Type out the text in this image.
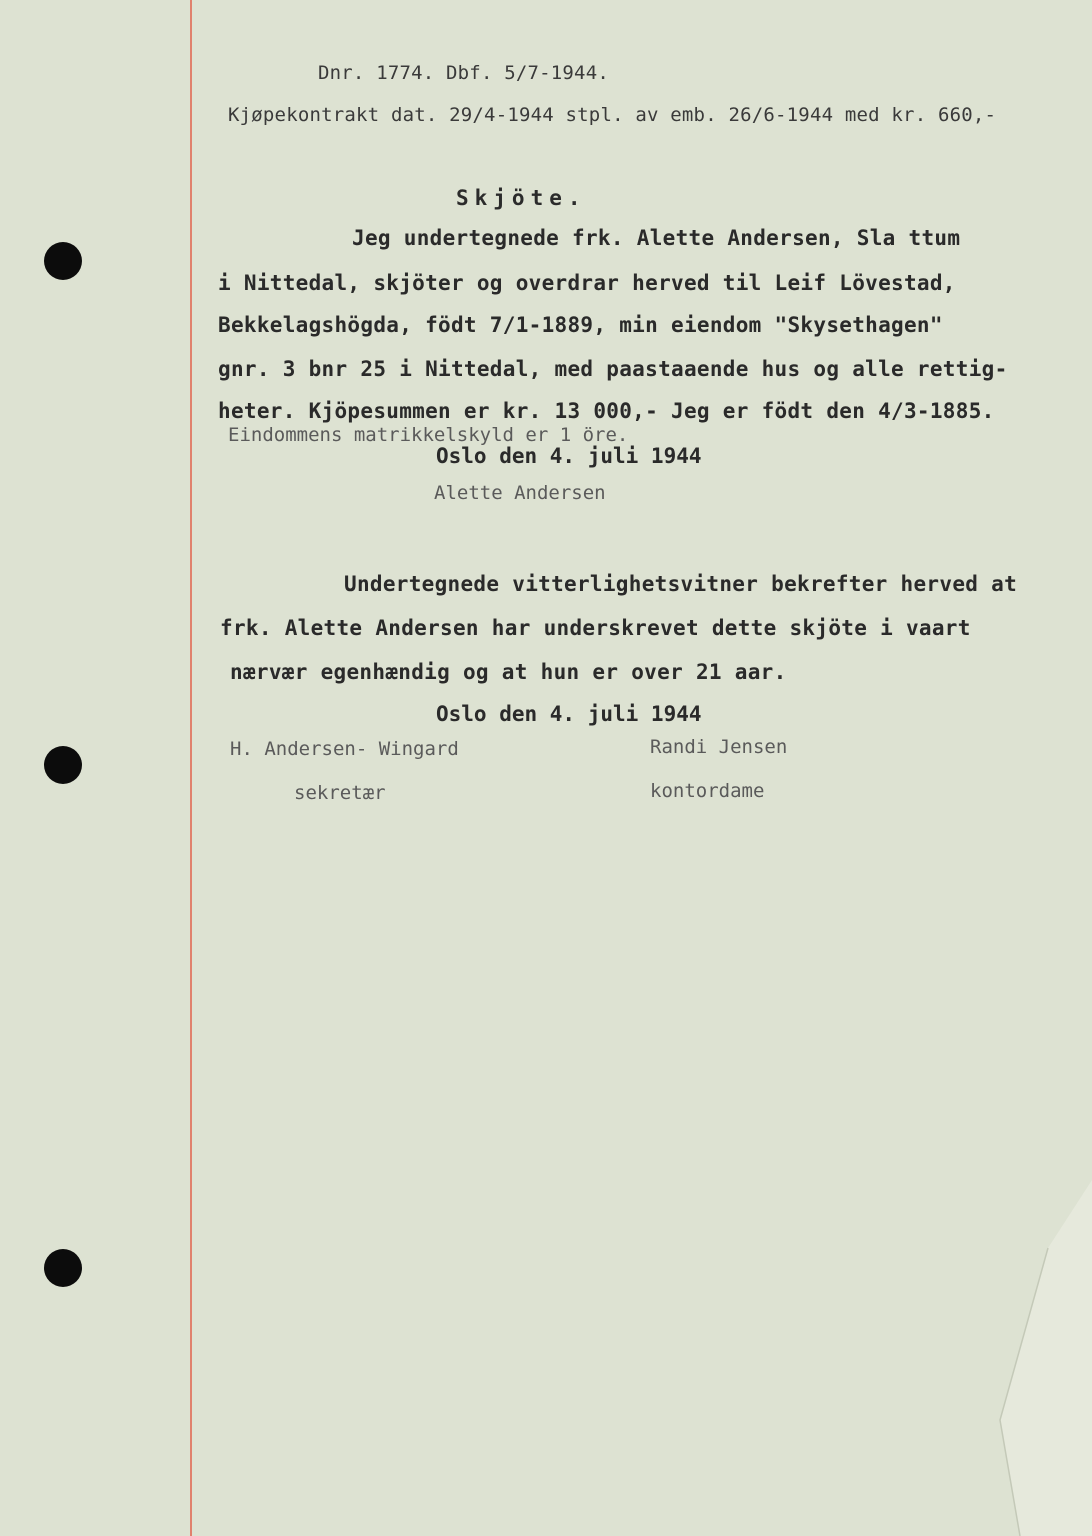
Dnr. 1774. Dbf. 5/7-1944.
Kjøpekontrakt dat. 29/4-1944 stpl. av emb. 26/6-1944 med kr. 660,-
Skjöte.
Jeg undertegnede frk. Alette Andersen, Sla ttum
i Nittedal, skjöter og overdrar herved til Leif Lövestad,
Bekkelagshögda, födt 7/1-1889, min eiendom "Skysethagen"
gnr. 3 bnr 25 i Nittedal, med paastaaende hus og alle rettig-
heter. Kjöpesummen er kr. 13 000,- Jeg er födt den 4/3-1885.
Eindommens matrikkelskyld er 1 öre.
Oslo den 4. juli 1944
Alette Andersen
Undertegnede vitterlighetsvitner bekrefter herved at
frk. Alette Andersen har underskrevet dette skjöte i vaart
nærvær egenhændig og at hun er over 21 aar.
Oslo den 4. juli 1944
H. Andersen- Wingard
sekretær
Randi Jensen
kontordame
